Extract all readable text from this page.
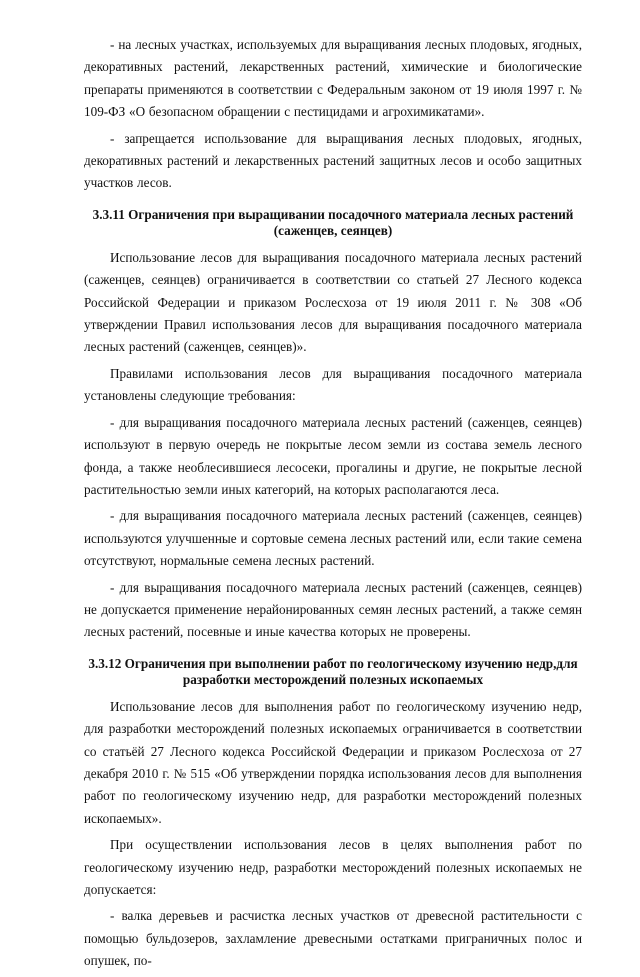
- на лесных участках, используемых для выращивания лесных плодовых, ягодных, декоративных растений, лекарственных растений, химические и биологические препараты применяются в соответствии с Федеральным законом от 19 июля 1997 г. № 109-ФЗ «О безопасном обращении с пестицидами и агрохимикатами».

- запрещается использование для выращивания лесных плодовых, ягодных, декоративных растений и лекарственных растений защитных лесов и особо защитных участков лесов.

3.3.11 Ограничения при выращивании посадочного материала лесных растений
(саженцев, сеянцев)

Использование лесов для выращивания посадочного материала лесных растений (саженцев, сеянцев) ограничивается в соответствии со статьей 27 Лесного кодекса Российской Федерации и приказом Рослесхоза от 19 июля 2011 г. № 308 «Об утверждении Правил использования лесов для выращивания посадочного материала лесных растений (саженцев, сеянцев)».

Правилами использования лесов для выращивания посадочного материала установлены следующие требования:

- для выращивания посадочного материала лесных растений (саженцев, сеянцев) используют в первую очередь не покрытые лесом земли из состава земель лесного фонда, а также необлесившиеся лесосеки, прогалины и другие, не покрытые лесной растительностью земли иных категорий, на которых располагаются леса.

- для выращивания посадочного материала лесных растений (саженцев, сеянцев) используются улучшенные и сортовые семена лесных растений или, если такие семена отсутствуют, нормальные семена лесных растений.

- для выращивания посадочного материала лесных растений (саженцев, сеянцев) не допускается применение нерайонированных семян лесных растений, а также семян лесных растений, посевные и иные качества которых не проверены.

3.3.12 Ограничения при выполнении работ по геологическому изучению недр,для
разработки месторождений полезных ископаемых

Использование лесов для выполнения работ по геологическому изучению недр, для разработки месторождений полезных ископаемых ограничивается в соответствии со статьёй 27 Лесного кодекса Российской Федерации и приказом Рослесхоза от 27 декабря 2010 г. № 515 «Об утверждении порядка использования лесов для выполнения работ по геологическому изучению недр, для разработки месторождений полезных ископаемых».

При осуществлении использования лесов в целях выполнения работ по геологическому изучению недр, разработки месторождений полезных ископаемых не допускается:

- валка деревьев и расчистка лесных участков от древесной растительности с помощью бульдозеров, захламление древесными остатками приграничных полос и опушек, по-
